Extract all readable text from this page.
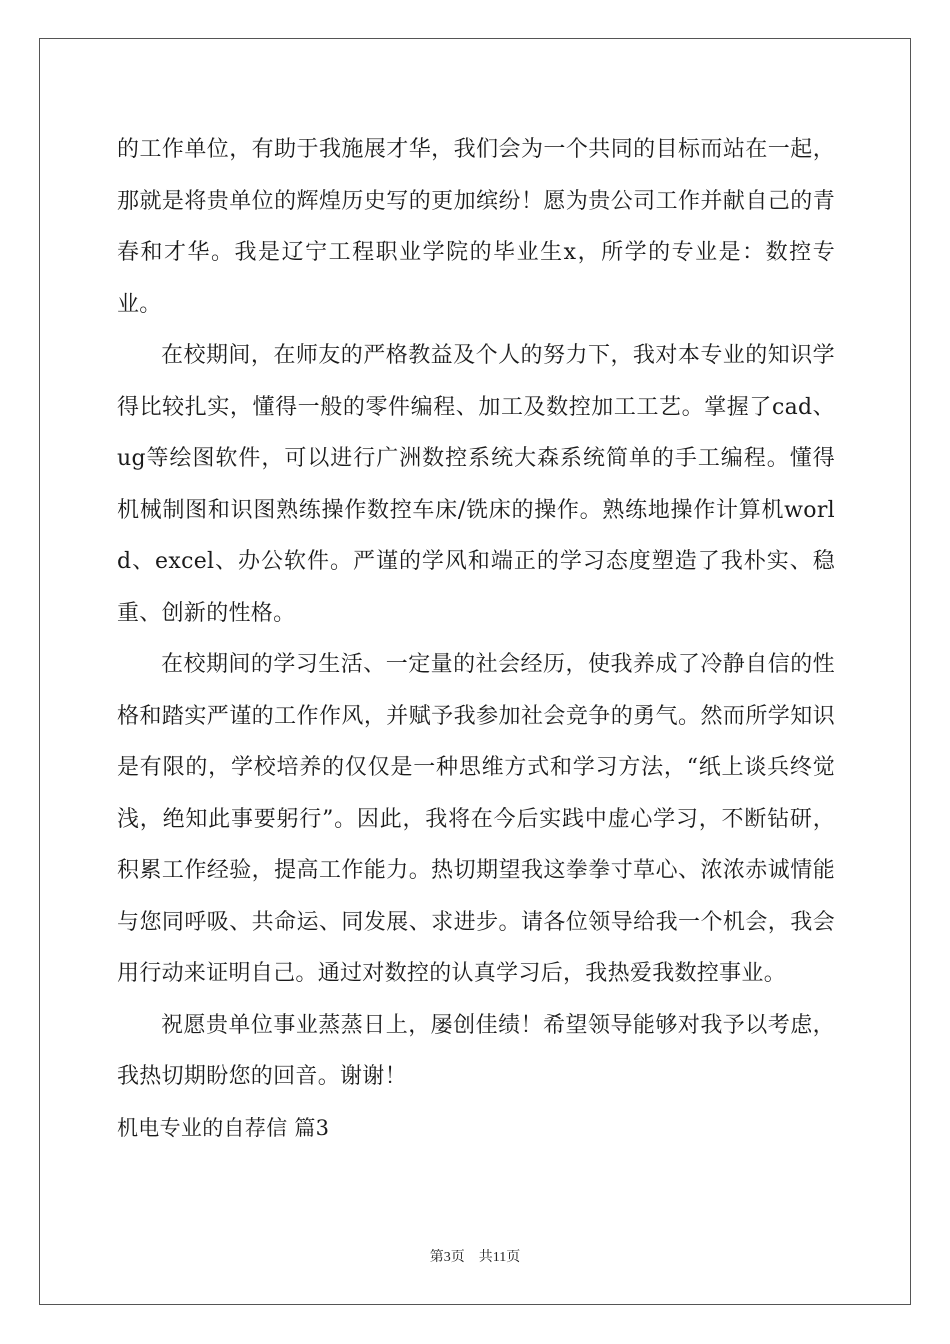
的工作单位，有助于我施展才华，我们会为一个共同的目标而站在一起，那就是将贵单位的辉煌历史写的更加缤纷！愿为贵公司工作并献自己的青春和才华。我是辽宁工程职业学院的毕业生x，所学的专业是：数控专业。

在校期间，在师友的严格教益及个人的努力下，我对本专业的知识学得比较扎实，懂得一般的零件编程、加工及数控加工工艺。掌握了cad、ug等绘图软件，可以进行广洲数控系统大森系统简单的手工编程。懂得机械制图和识图熟练操作数控车床/铣床的操作。熟练地操作计算机world、excel、办公软件。严谨的学风和端正的学习态度塑造了我朴实、稳重、创新的性格。

在校期间的学习生活、一定量的社会经历，使我养成了冷静自信的性格和踏实严谨的工作作风，并赋予我参加社会竞争的勇气。然而所学知识是有限的，学校培养的仅仅是一种思维方式和学习方法，“纸上谈兵终觉浅，绝知此事要躬行”。因此，我将在今后实践中虚心学习，不断钻研，积累工作经验，提高工作能力。热切期望我这拳拳寸草心、浓浓赤诚情能与您同呼吸、共命运、同发展、求进步。请各位领导给我一个机会，我会用行动来证明自己。通过对数控的认真学习后，我热爱我数控事业。

祝愿贵单位事业蒸蒸日上，屡创佳绩！希望领导能够对我予以考虑，我热切期盼您的回音。谢谢！

机电专业的自荐信 篇3

第3页 共11页
